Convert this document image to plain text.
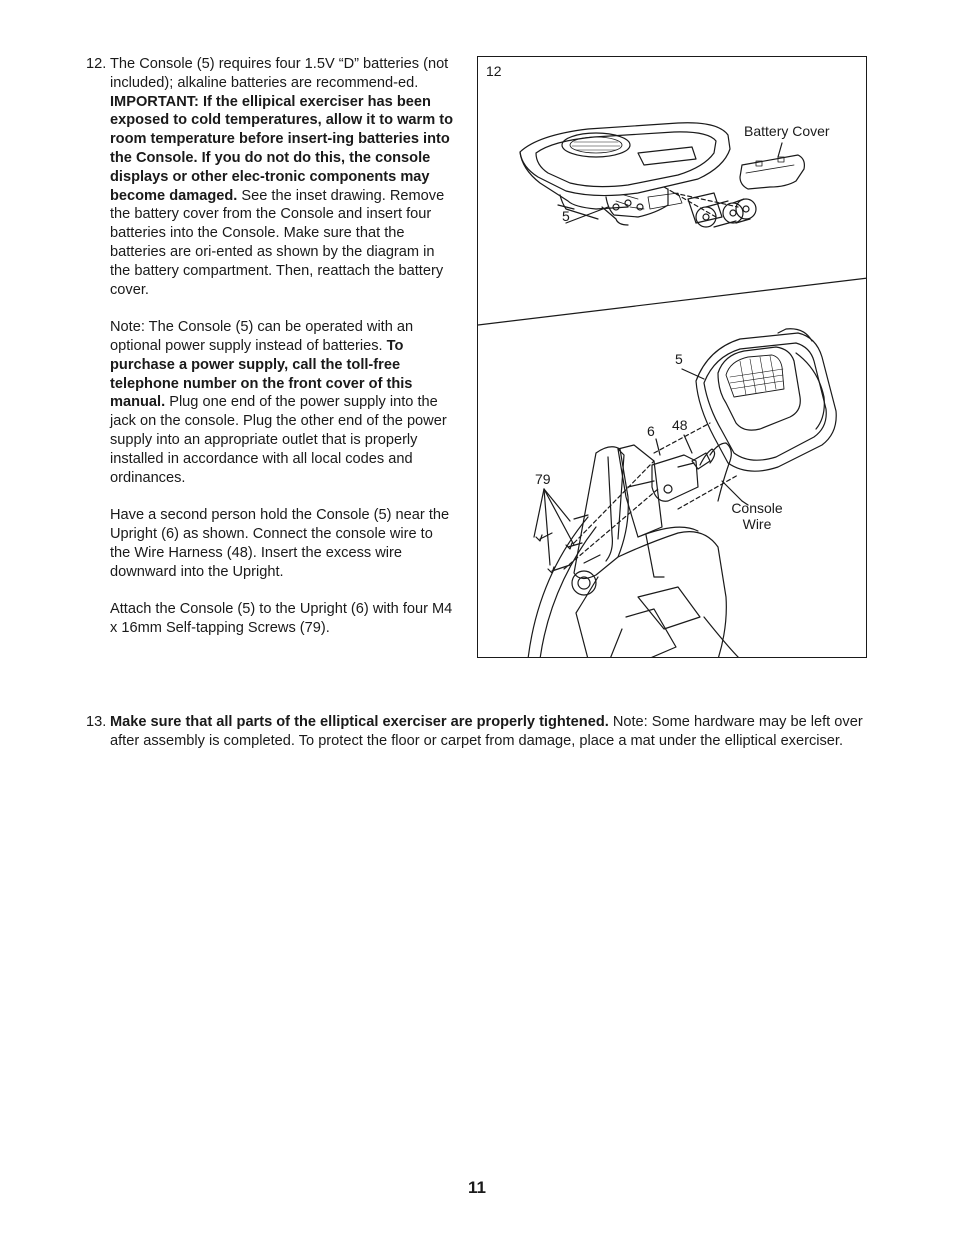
12. The Console (5) requires four 1.5V “D” batteries (not included); alkaline batteries are recommend-ed. IMPORTANT: If the ellipical exerciser has been exposed to cold temperatures, allow it to warm to room temperature before insert-ing batteries into the Console. If you do not do this, the console displays or other elec-tronic components may become damaged. See the inset drawing. Remove the battery cover from the Console and insert four batteries into the Console. Make sure that the batteries are ori-ented as shown by the diagram in the battery compartment. Then, reattach the battery cover.

Note: The Console (5) can be operated with an optional power supply instead of batteries. To purchase a power supply, call the toll-free telephone number on the front cover of this manual. Plug one end of the power supply into the jack on the console. Plug the other end of the power supply into an appropriate outlet that is properly installed in accordance with all local codes and ordinances.

Have a second person hold the Console (5) near the Upright (6) as shown. Connect the console wire to the Wire Harness (48). Insert the excess wire downward into the Upright.

Attach the Console (5) to the Upright (6) with four M4 x 16mm Self-tapping Screws (79).

12
Battery Cover
5
5
6 48
79
Console
Wire
13. Make sure that all parts of the elliptical exerciser are properly tightened. Note: Some hardware may be left over after assembly is completed. To protect the floor or carpet from damage, place a mat under the elliptical exerciser.
11
